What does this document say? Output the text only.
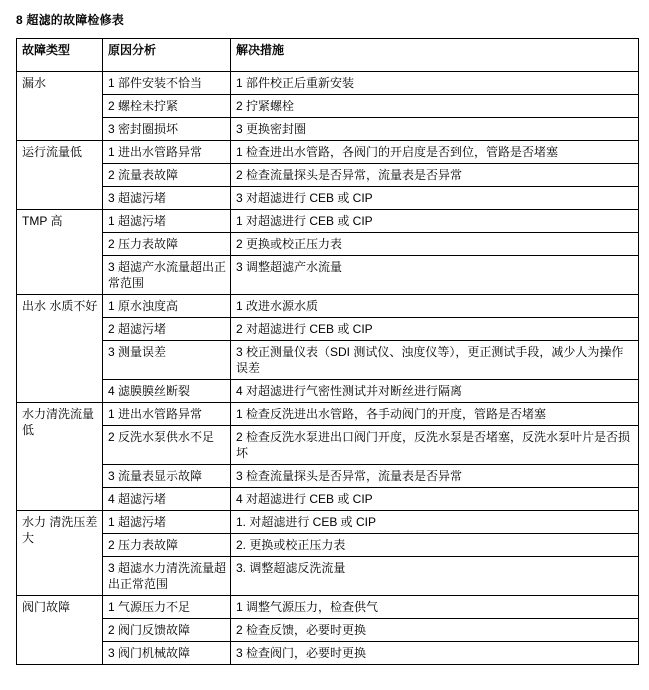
8 超滤的故障检修表
故障类型	原因分析	解决措施
漏水	1 部件安装不恰当	1 部件校正后重新安装
	2 螺栓未拧紧	2 拧紧螺栓
	3 密封圈损坏	3 更换密封圈
运行流量低	1 进出水管路异常	1 检查进出水管路，各阀门的开启度是否到位，管路是否堵塞
	2 流量表故障	2 检查流量探头是否异常，流量表是否异常
	3 超滤污堵	3 对超滤进行 CEB 或 CIP
TMP 高	1 超滤污堵	1 对超滤进行 CEB 或 CIP
	2 压力表故障	2 更换或校正压力表
	3 超滤产水流量超出正常范围	3 调整超滤产水流量
出水 水质不好	1 原水浊度高	1 改进水源水质
	2 超滤污堵	2 对超滤进行 CEB 或 CIP
	3 测量误差	3 校正测量仪表（SDI 测试仪、浊度仪等），更正测试手段，减少人为操作误差
	4 滤膜膜丝断裂	4 对超滤进行气密性测试并对断丝进行隔离
水力清洗流量低	1 进出水管路异常	1 检查反洗进出水管路，各手动阀门的开度，管路是否堵塞
	2 反洗水泵供水不足	2 检查反洗水泵进出口阀门开度，反洗水泵是否堵塞，反洗水泵叶片是否损坏
	3 流量表显示故障	3 检查流量探头是否异常，流量表是否异常
	4 超滤污堵	4 对超滤进行 CEB 或 CIP
水力 清洗压差大	1 超滤污堵	1. 对超滤进行 CEB 或 CIP
	2 压力表故障	2. 更换或校正压力表
	3 超滤水力清洗流量超出正常范围	3. 调整超滤反洗流量
阀门故障	1 气源压力不足	1 调整气源压力，检查供气
	2 阀门反馈故障	2 检查反馈，必要时更换
	3 阀门机械故障	3 检查阀门，必要时更换
